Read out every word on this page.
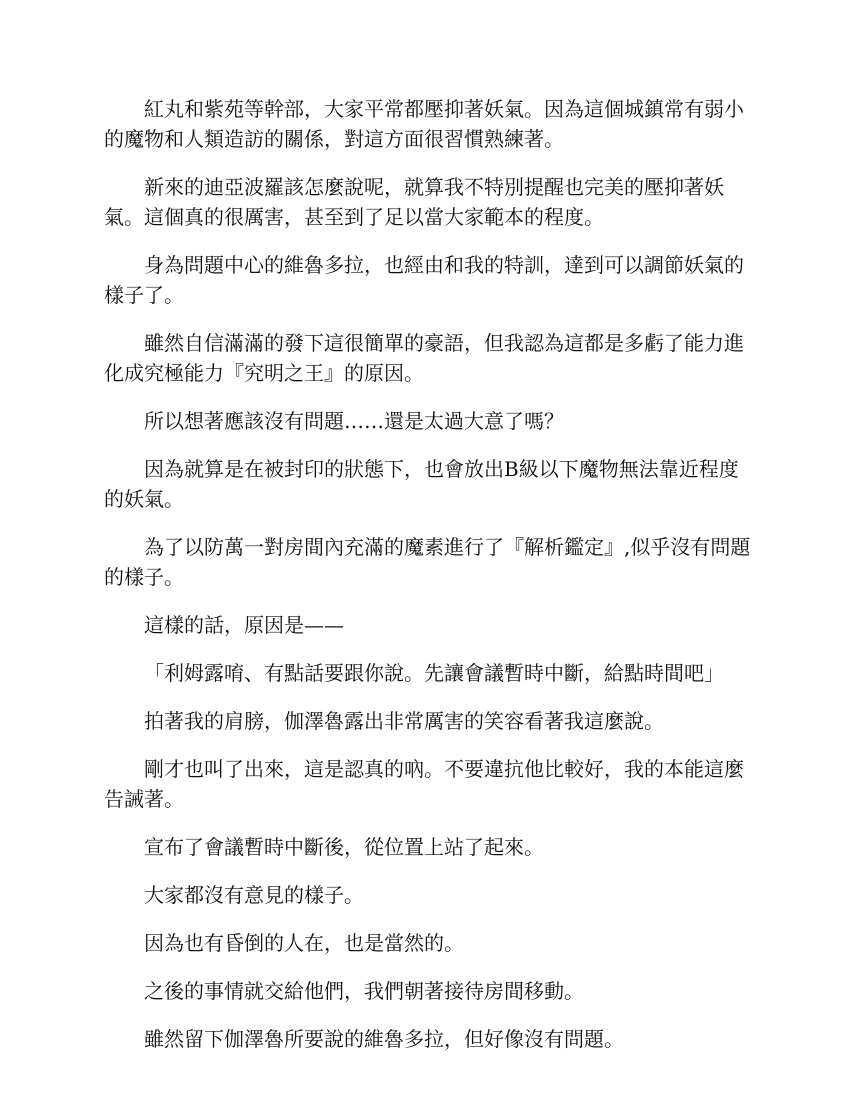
紅丸和紫苑等幹部，大家平常都壓抑著妖氣。因為這個城鎮常有弱小的魔物和人類造訪的關係，對這方面很習慣熟練著。

新來的迪亞波羅該怎麼說呢，就算我不特別提醒也完美的壓抑著妖氣。這個真的很厲害，甚至到了足以當大家範本的程度。

身為問題中心的維魯多拉，也經由和我的特訓，達到可以調節妖氣的樣子了。

雖然自信滿滿的發下這很簡單的豪語，但我認為這都是多虧了能力進化成究極能力『究明之王』的原因。

所以想著應該沒有問題……還是太過大意了嗎？

因為就算是在被封印的狀態下，也會放出B級以下魔物無法靠近程度的妖氣。

為了以防萬一對房間內充滿的魔素進行了『解析鑑定』,似乎沒有問題的樣子。

這樣的話，原因是——

「利姆露唷、有點話要跟你說。先讓會議暫時中斷，給點時間吧」

拍著我的肩膀，伽澤魯露出非常厲害的笑容看著我這麼說。

剛才也叫了出來，這是認真的吶。不要違抗他比較好，我的本能這麼告誡著。

宣布了會議暫時中斷後，從位置上站了起來。

大家都沒有意見的樣子。

因為也有昏倒的人在，也是當然的。

之後的事情就交給他們，我們朝著接待房間移動。

雖然留下伽澤魯所要說的維魯多拉，但好像沒有問題。
